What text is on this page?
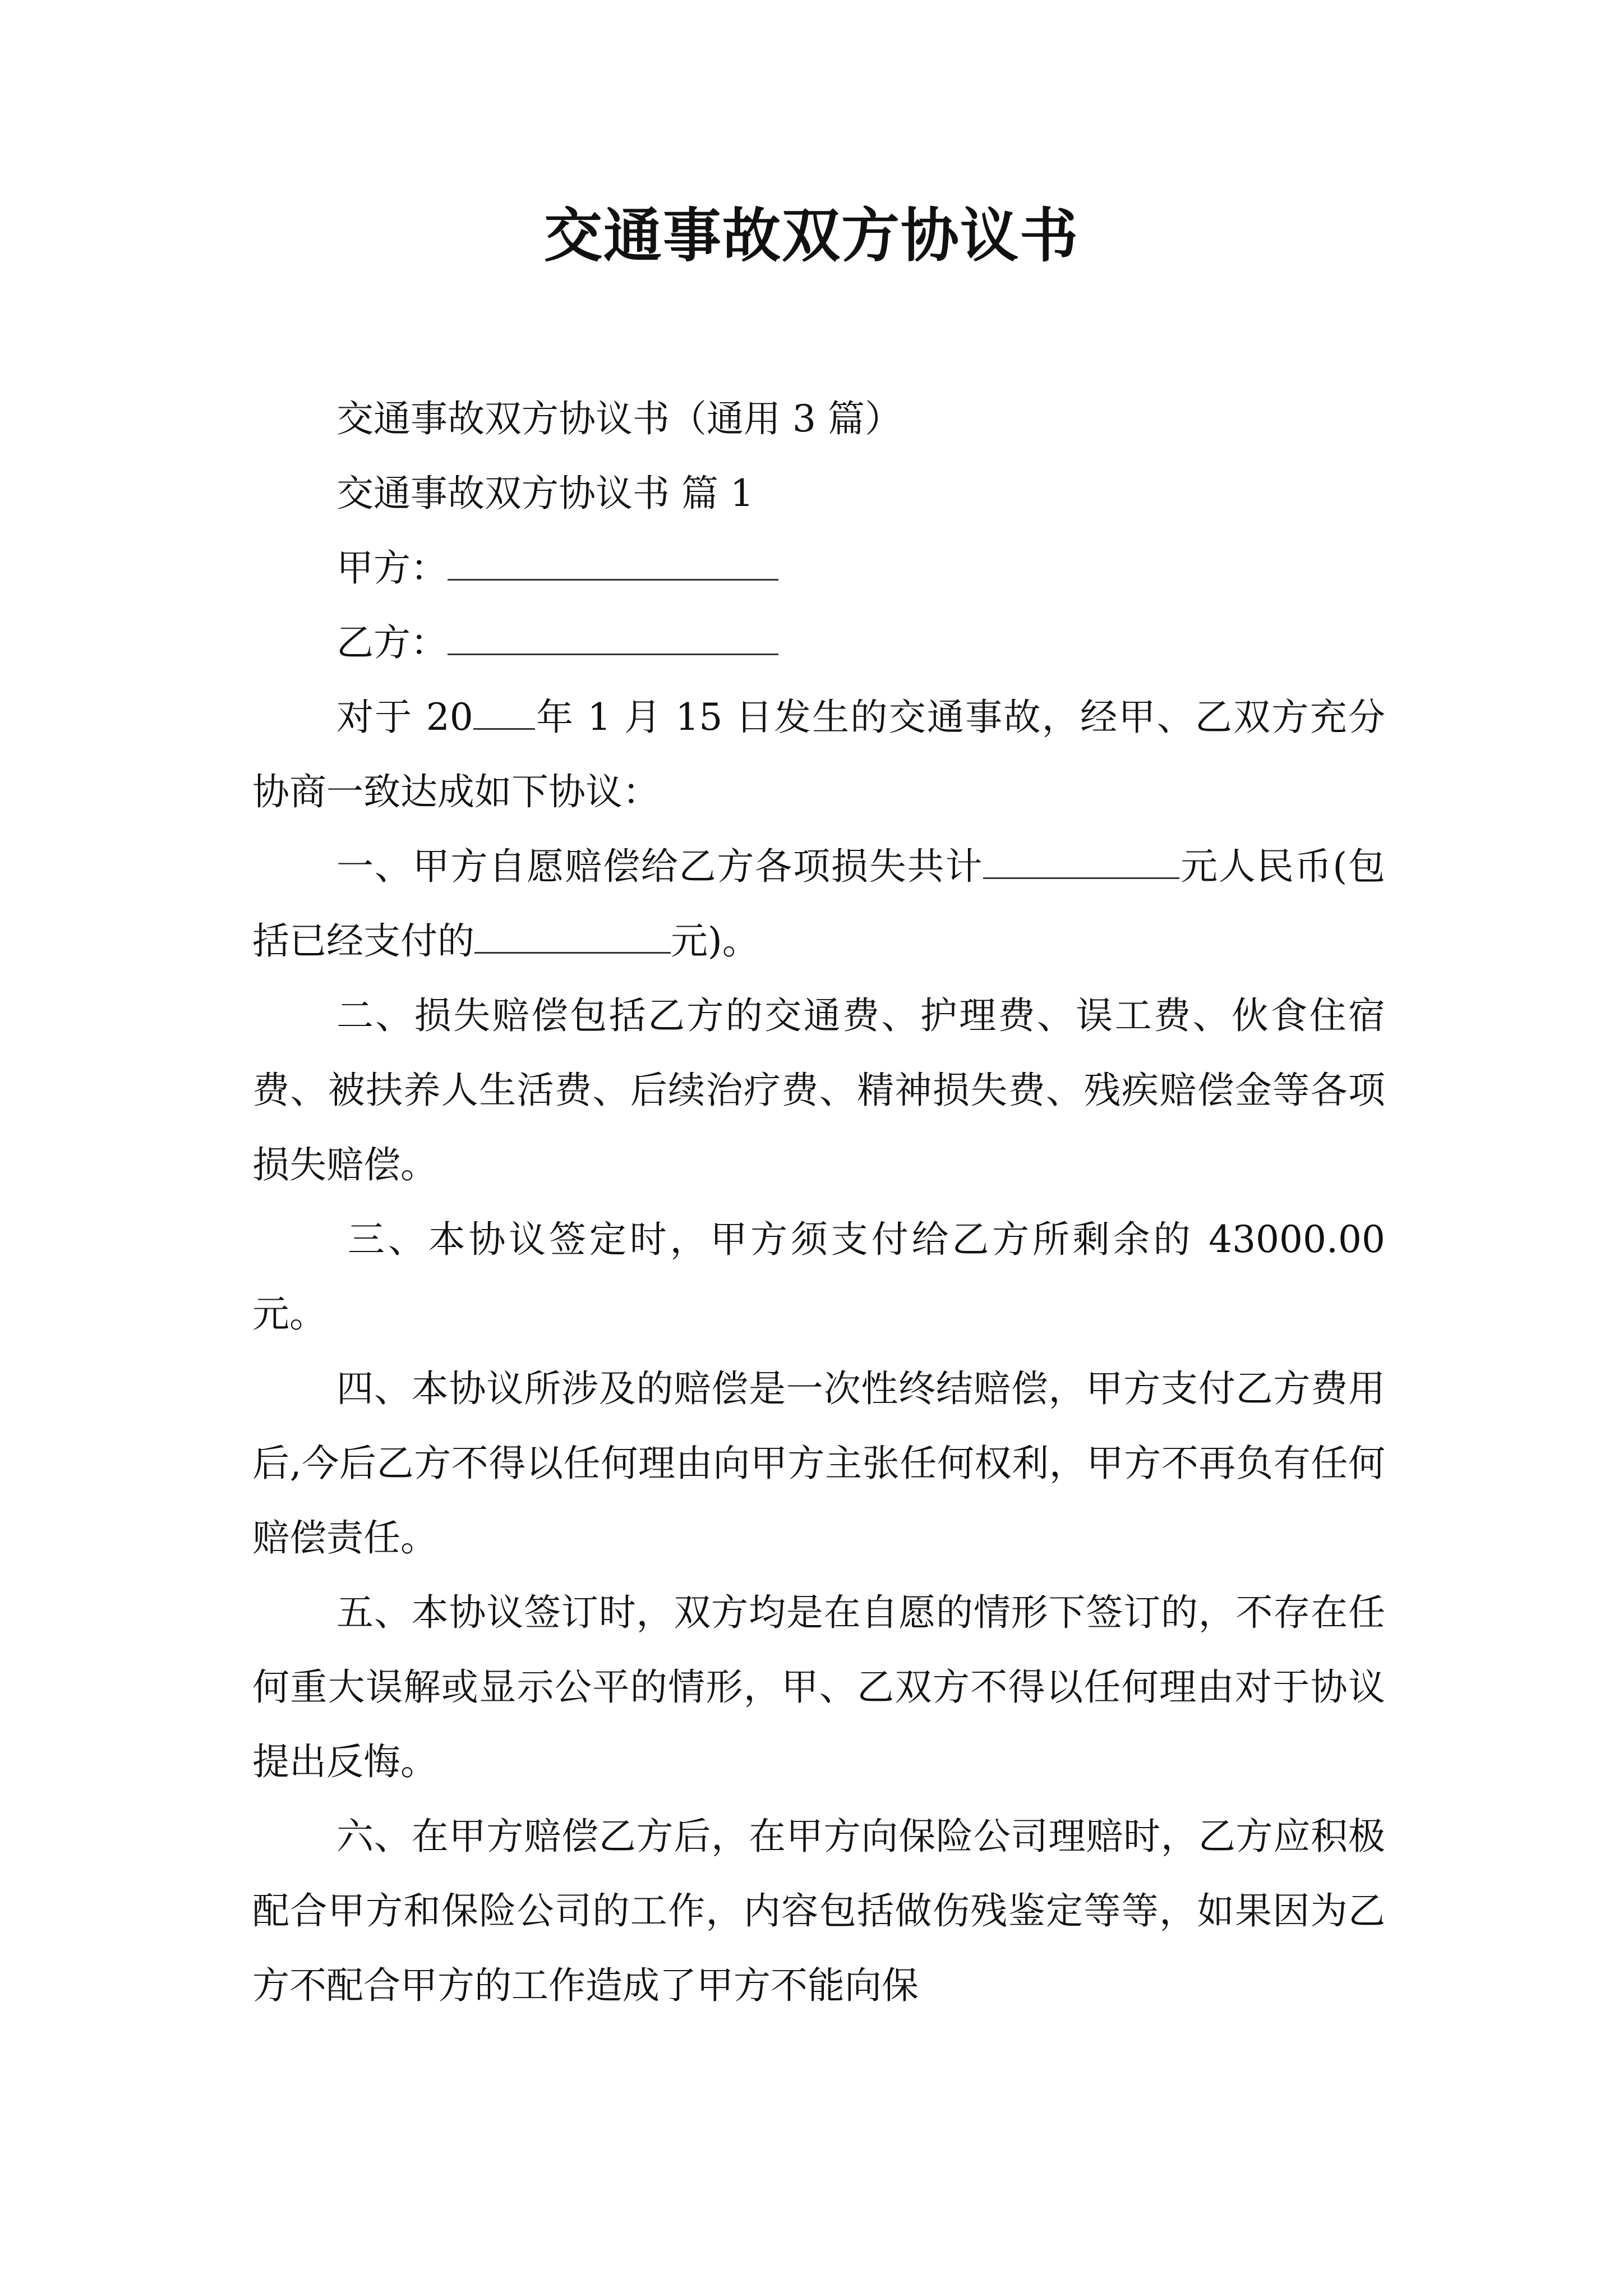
交通事故双方协议书

交通事故双方协议书（通用 3 篇）

交通事故双方协议书 篇 1

甲方：

乙方：

对于 20 年 1 月 15 日发生的交通事故，经甲、乙双方充分协商一致达成如下协议：

一、甲方自愿赔偿给乙方各项损失共计	元人民币(包括已经支付的	元)。

二、损失赔偿包括乙方的交通费、护理费、误工费、伙食住宿费、被扶养人生活费、后续治疗费、精神损失费、残疾赔偿金等各项损失赔偿。

三、本协议签定时，甲方须支付给乙方所剩余的 43000.00 元。

四、本协议所涉及的赔偿是一次性终结赔偿，甲方支付乙方费用后,今后乙方不得以任何理由向甲方主张任何权利，甲方不再负有任何赔偿责任。

五、本协议签订时，双方均是在自愿的情形下签订的，不存在任何重大误解或显示公平的情形，甲、乙双方不得以任何理由对于协议提出反悔。

六、在甲方赔偿乙方后，在甲方向保险公司理赔时，乙方应积极配合甲方和保险公司的工作，内容包括做伤残鉴定等等，如果因为乙方不配合甲方的工作造成了甲方不能向保
